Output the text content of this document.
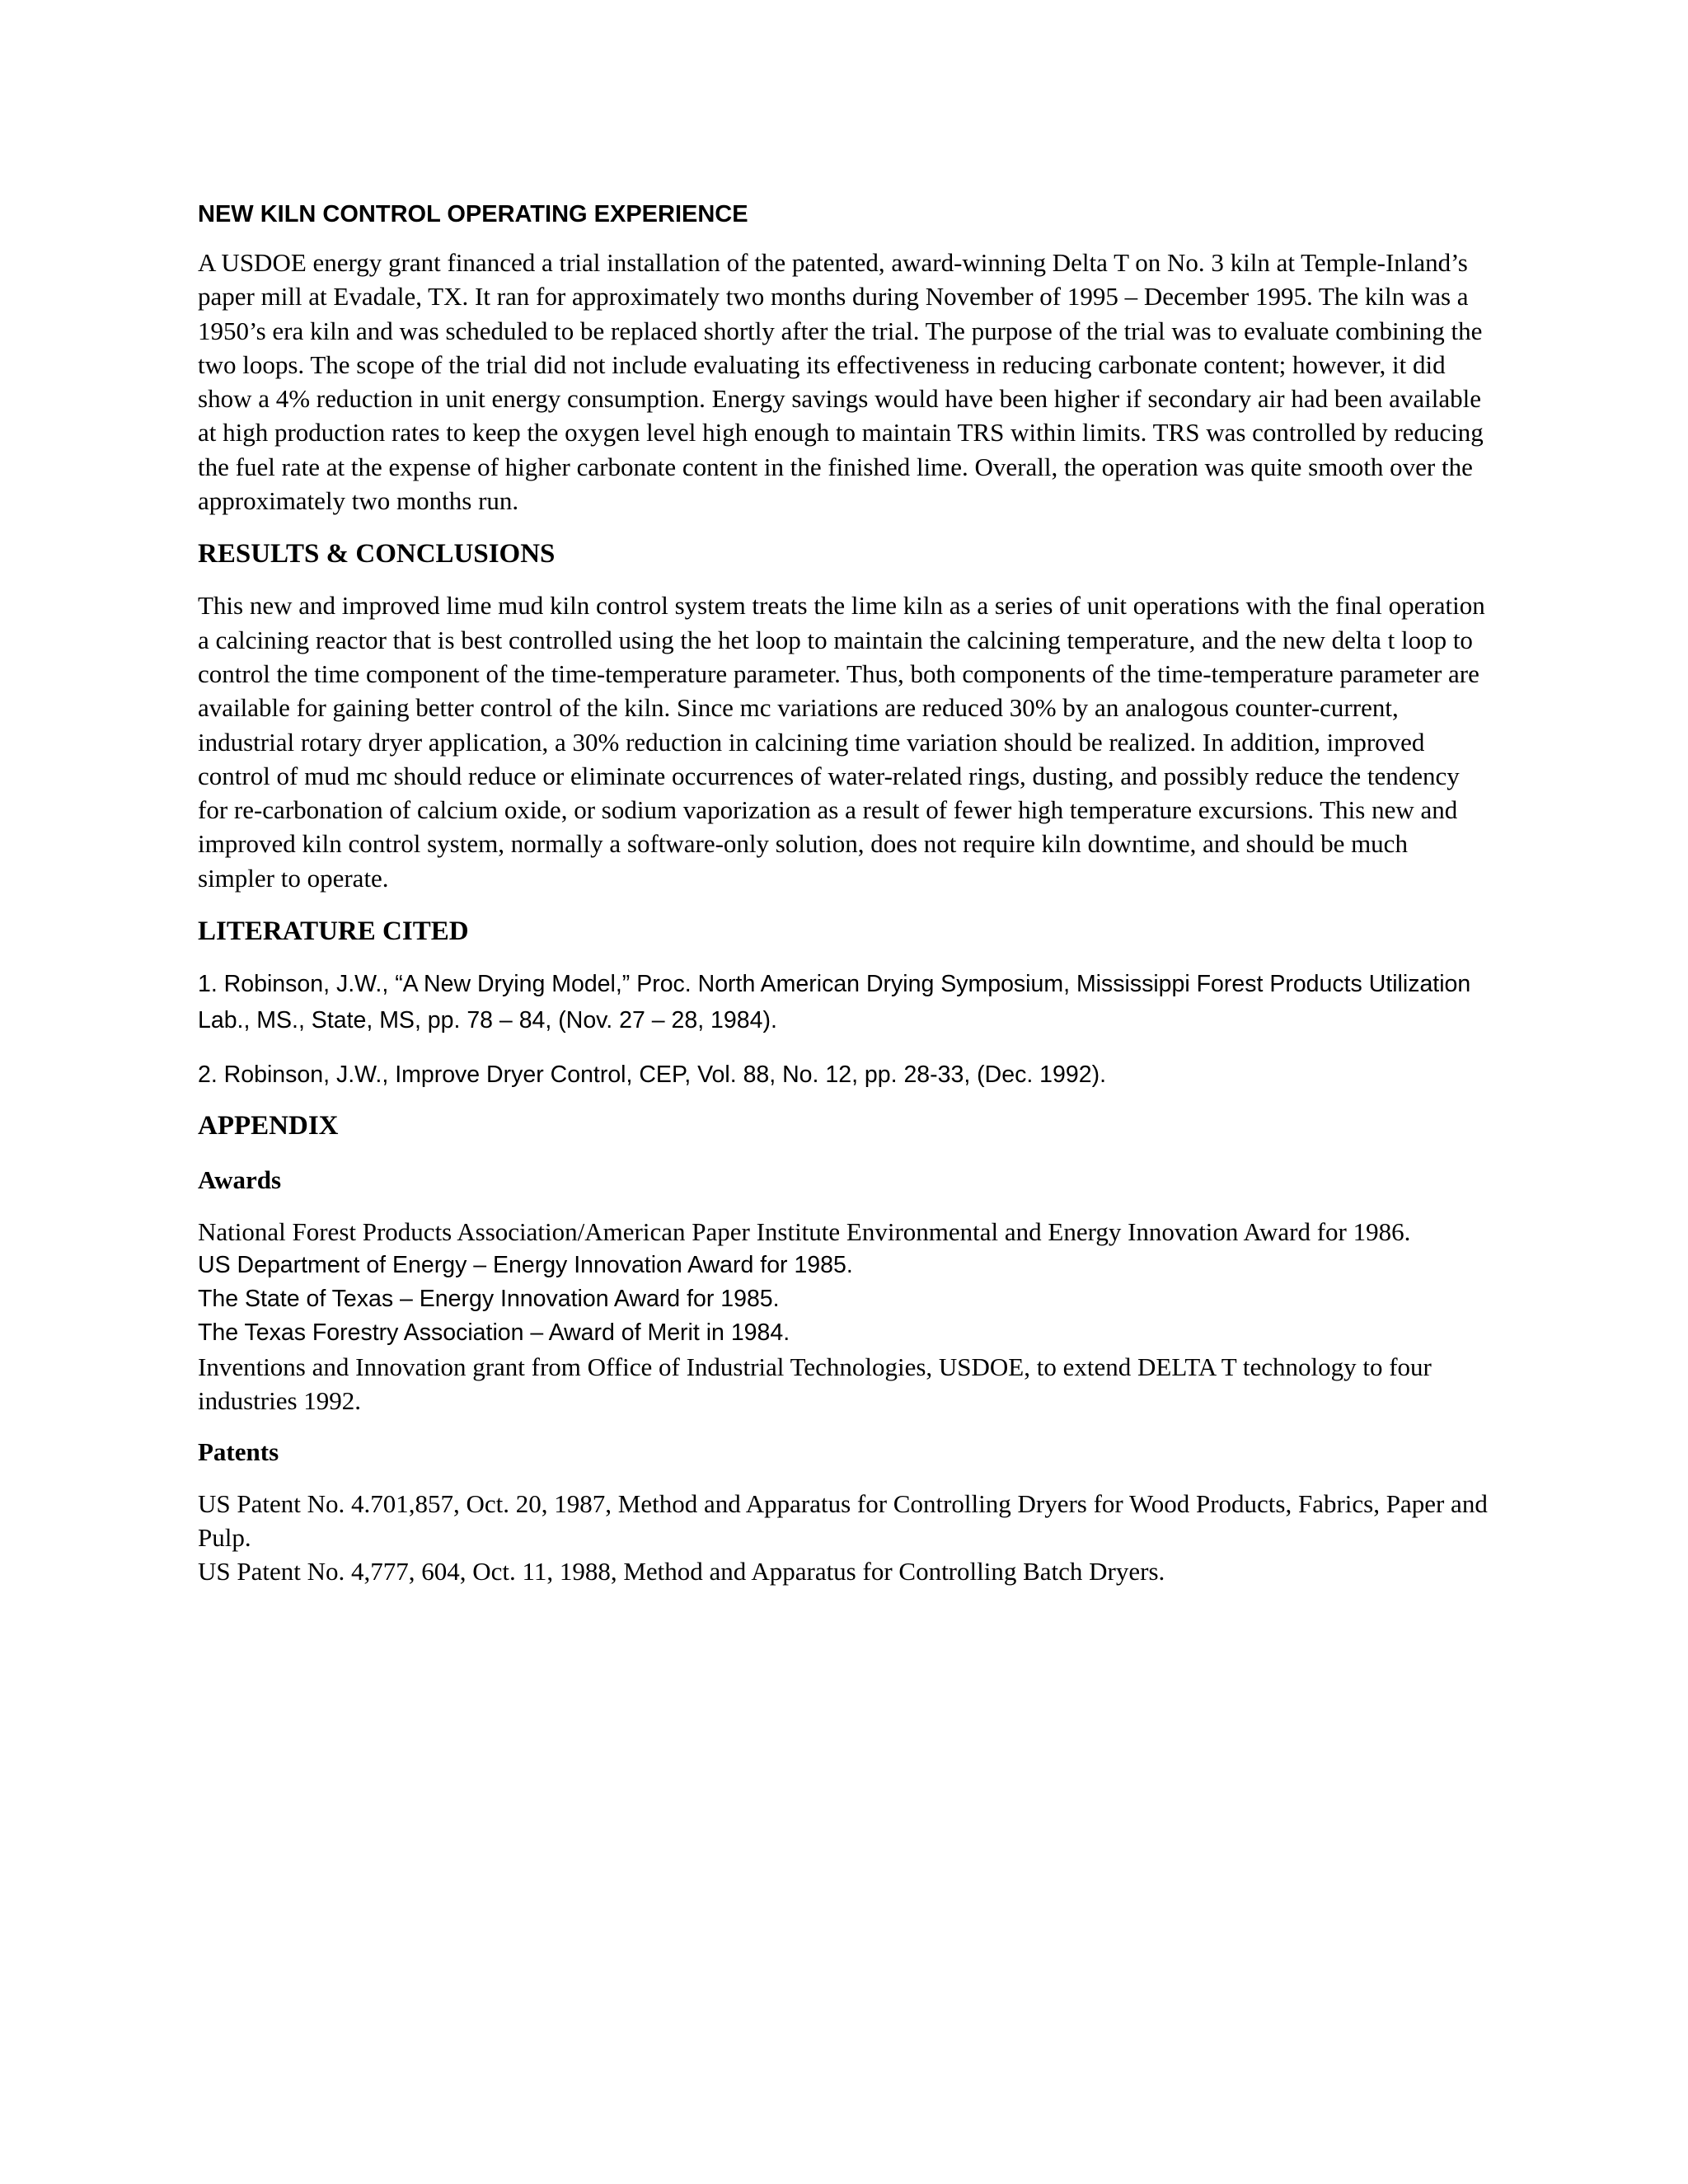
NEW KILN CONTROL OPERATING EXPERIENCE

A USDOE energy grant financed a trial installation of the patented, award-winning Delta T on No. 3 kiln at Temple-Inland’s paper mill at Evadale, TX. It ran for approximately two months during November of 1995 – December 1995. The kiln was a 1950’s era kiln and was scheduled to be replaced shortly after the trial. The purpose of the trial was to evaluate combining the two loops. The scope of the trial did not include evaluating its effectiveness in reducing carbonate content; however, it did show a 4% reduction in unit energy consumption. Energy savings would have been higher if secondary air had been available at high production rates to keep the oxygen level high enough to maintain TRS within limits. TRS was controlled by reducing the fuel rate at the expense of higher carbonate content in the finished lime. Overall, the operation was quite smooth over the approximately two months run.

RESULTS & CONCLUSIONS

This new and improved lime mud kiln control system treats the lime kiln as a series of unit operations with the final operation a calcining reactor that is best controlled using the het loop to maintain the calcining temperature, and the new delta t loop to control the time component of the time-temperature parameter. Thus, both components of the time-temperature parameter are available for gaining better control of the kiln. Since mc variations are reduced 30% by an analogous counter-current, industrial rotary dryer application, a 30% reduction in calcining time variation should be realized. In addition, improved control of mud mc should reduce or eliminate occurrences of water-related rings, dusting, and possibly reduce the tendency for re-carbonation of calcium oxide, or sodium vaporization as a result of fewer high temperature excursions. This new and improved kiln control system, normally a software-only solution, does not require kiln downtime, and should be much simpler to operate.

LITERATURE CITED

1. Robinson, J.W., “A New Drying Model,” Proc. North American Drying Symposium, Mississippi Forest Products Utilization Lab., MS., State, MS, pp. 78 – 84, (Nov. 27 – 28, 1984).

2. Robinson, J.W., Improve Dryer Control, CEP, Vol. 88, No. 12, pp. 28-33, (Dec. 1992).

APPENDIX
Awards

National Forest Products Association/American Paper Institute Environmental and Energy Innovation Award for 1986.

US Department of Energy – Energy Innovation Award for 1985.

The State of Texas – Energy Innovation Award for 1985.

The Texas Forestry Association – Award of Merit in 1984.

Inventions and Innovation grant from Office of Industrial Technologies, USDOE, to extend DELTA T technology to four industries 1992.

Patents

US Patent No. 4.701,857, Oct. 20, 1987, Method and Apparatus for Controlling Dryers for Wood Products, Fabrics, Paper and Pulp.

US Patent No. 4,777, 604, Oct. 11, 1988, Method and Apparatus for Controlling Batch Dryers.
